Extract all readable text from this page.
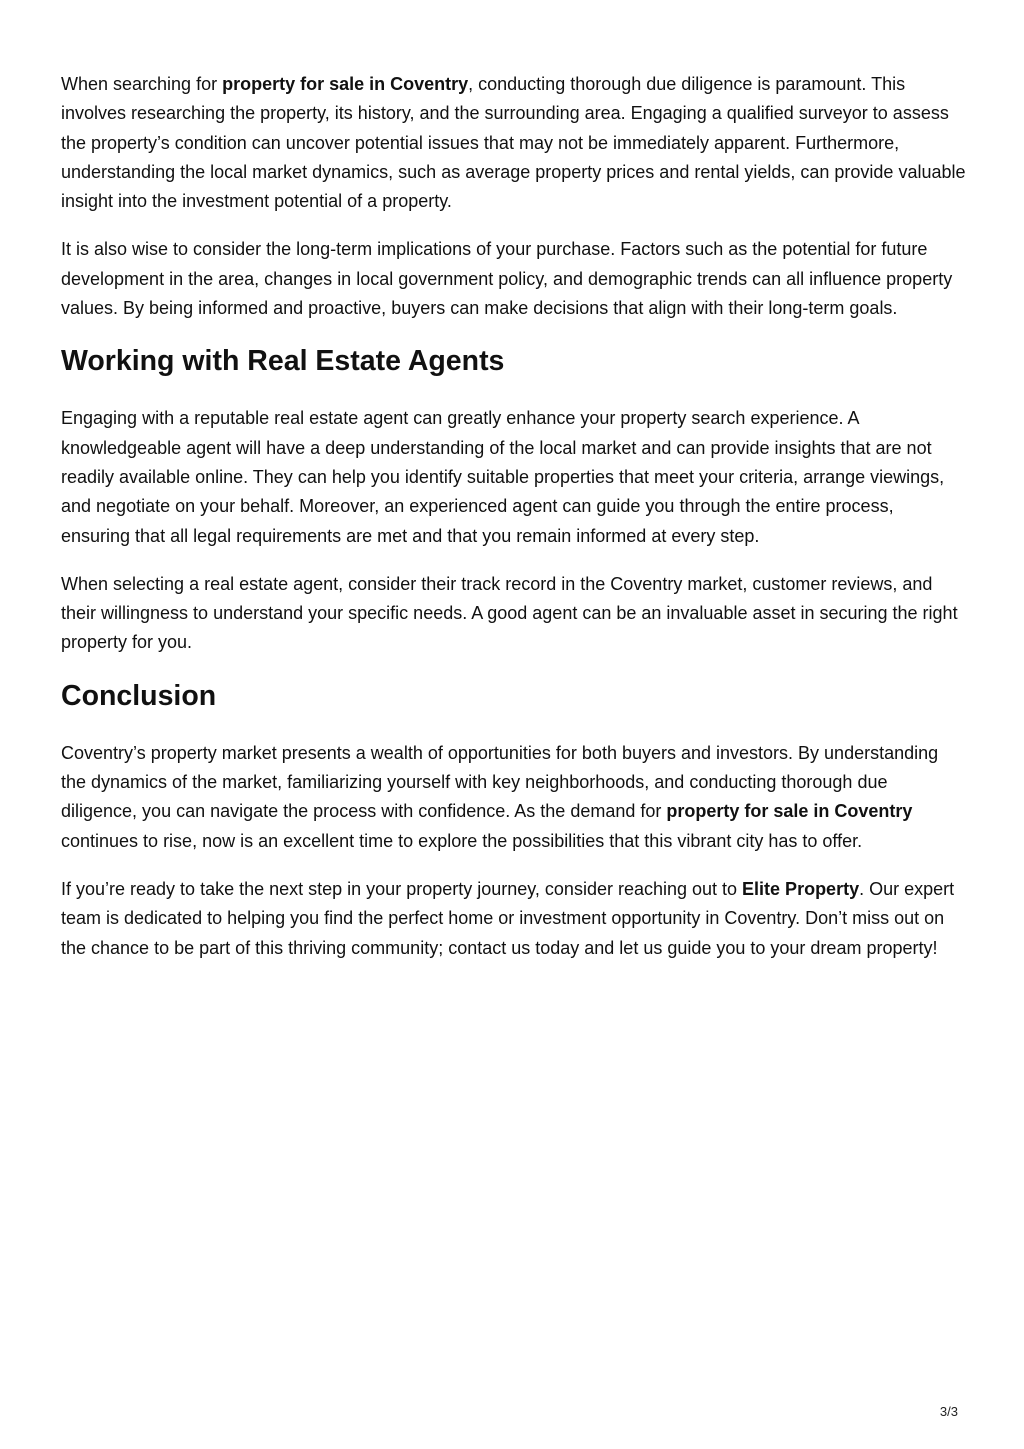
When searching for property for sale in Coventry, conducting thorough due diligence is paramount. This involves researching the property, its history, and the surrounding area. Engaging a qualified surveyor to assess the property’s condition can uncover potential issues that may not be immediately apparent. Furthermore, understanding the local market dynamics, such as average property prices and rental yields, can provide valuable insight into the investment potential of a property.

It is also wise to consider the long-term implications of your purchase. Factors such as the potential for future development in the area, changes in local government policy, and demographic trends can all influence property values. By being informed and proactive, buyers can make decisions that align with their long-term goals.

Working with Real Estate Agents

Engaging with a reputable real estate agent can greatly enhance your property search experience. A knowledgeable agent will have a deep understanding of the local market and can provide insights that are not readily available online. They can help you identify suitable properties that meet your criteria, arrange viewings, and negotiate on your behalf. Moreover, an experienced agent can guide you through the entire process, ensuring that all legal requirements are met and that you remain informed at every step.

When selecting a real estate agent, consider their track record in the Coventry market, customer reviews, and their willingness to understand your specific needs. A good agent can be an invaluable asset in securing the right property for you.

Conclusion

Coventry’s property market presents a wealth of opportunities for both buyers and investors. By understanding the dynamics of the market, familiarizing yourself with key neighborhoods, and conducting thorough due diligence, you can navigate the process with confidence. As the demand for property for sale in Coventry continues to rise, now is an excellent time to explore the possibilities that this vibrant city has to offer.

If you’re ready to take the next step in your property journey, consider reaching out to Elite Property. Our expert team is dedicated to helping you find the perfect home or investment opportunity in Coventry. Don’t miss out on the chance to be part of this thriving community; contact us today and let us guide you to your dream property!

3/3
